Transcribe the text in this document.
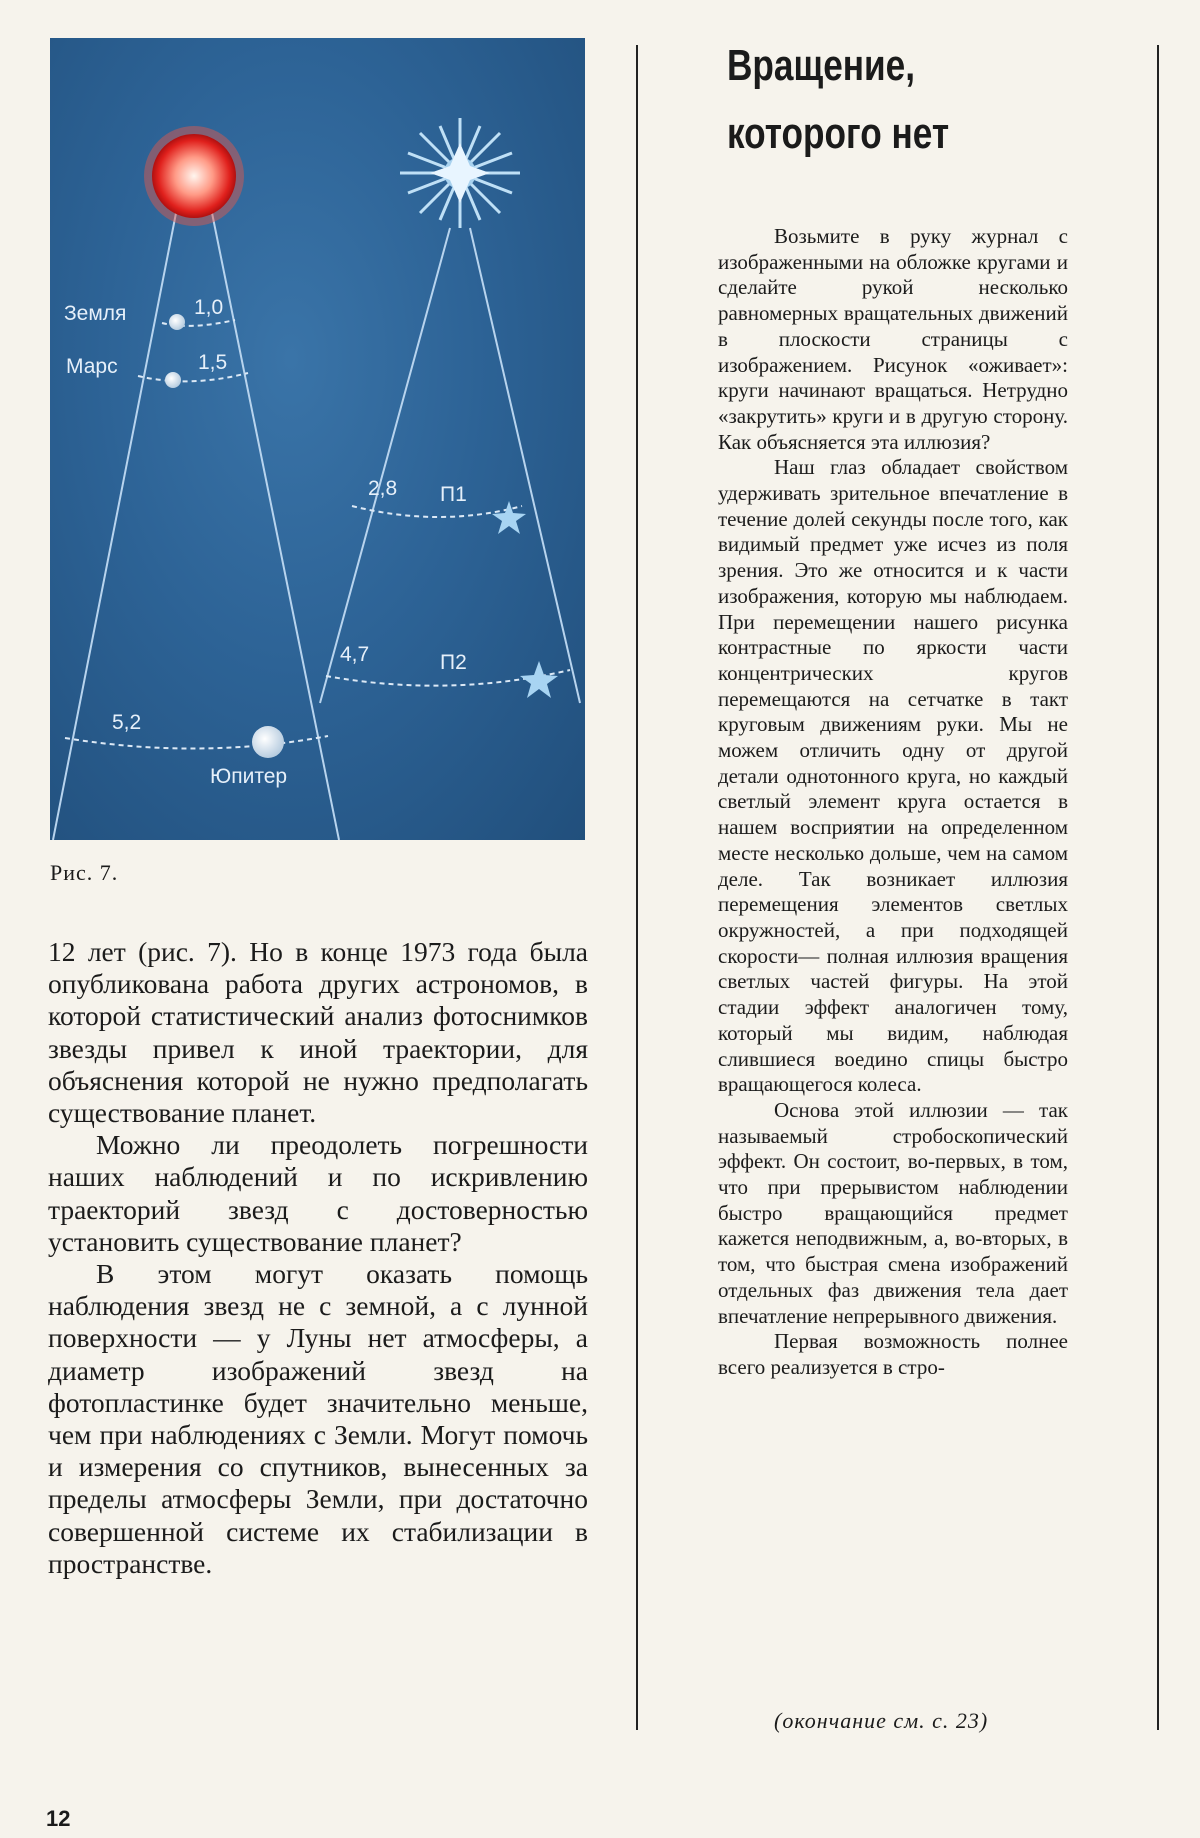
Земля	1,0
Марс	1,5
2,8 П1
4,7	П2
5,2
Юпитер
Рис. 7.

12 лет (рис. 7). Но в конце 1973 года была опубликована работа других астрономов, в которой статистический анализ фотоснимков звезды привел к иной траектории, для объяснения которой не нужно предполагать существование планет.

Можно ли преодолеть погрешности наших наблюдений и по искривлению траекторий звезд с достоверностью установить существование планет?

В этом могут оказать помощь наблюдения звезд не с земной, а с лунной поверхности — у Луны нет атмосферы, а диаметр изображений звезд на фотопластинке будет значительно меньше, чем при наблюдениях с Земли. Могут помочь и измерения со спутников, вынесенных за пределы атмосферы Земли, при достаточно совершенной системе их стабилизации в пространстве.

Вращение,
которого нет

Возьмите в руку журнал с изображенными на обложке кругами и сделайте рукой несколько равномерных вращательных движений в плоскости страницы с изображением. Рисунок «оживает»: круги начинают вращаться. Нетрудно «закрутить» круги и в другую сторону. Как объясняется эта иллюзия?

Наш глаз обладает свойством удерживать зрительное впечатление в течение долей секунды после того, как видимый предмет уже исчез из поля зрения. Это же относится и к части изображения, которую мы наблюдаем. При перемещении нашего рисунка контрастные по яркости части концентрических кругов перемещаются на сетчатке в такт круговым движениям руки. Мы не можем отличить одну от другой детали однотонного круга, но каждый светлый элемент круга остается в нашем восприятии на определенном месте несколько дольше, чем на самом деле. Так возникает иллюзия перемещения элементов светлых окружностей, а при подходящей скорости— полная иллюзия вращения светлых частей фигуры. На этой стадии эффект аналогичен тому, который мы видим, наблюдая слившиеся воедино спицы быстро вращающегося колеса.

Основа этой иллюзии — так называемый стробоскопический эффект. Он состоит, во-первых, в том, что при прерывистом наблюдении быстро вращающийся предмет кажется неподвижным, а, во-вторых, в том, что быстрая смена изображений отдельных фаз движения тела дает впечатление непрерывного движения.

Первая возможность полнее всего реализуется в стро-

(окончание см. с. 23)
12
